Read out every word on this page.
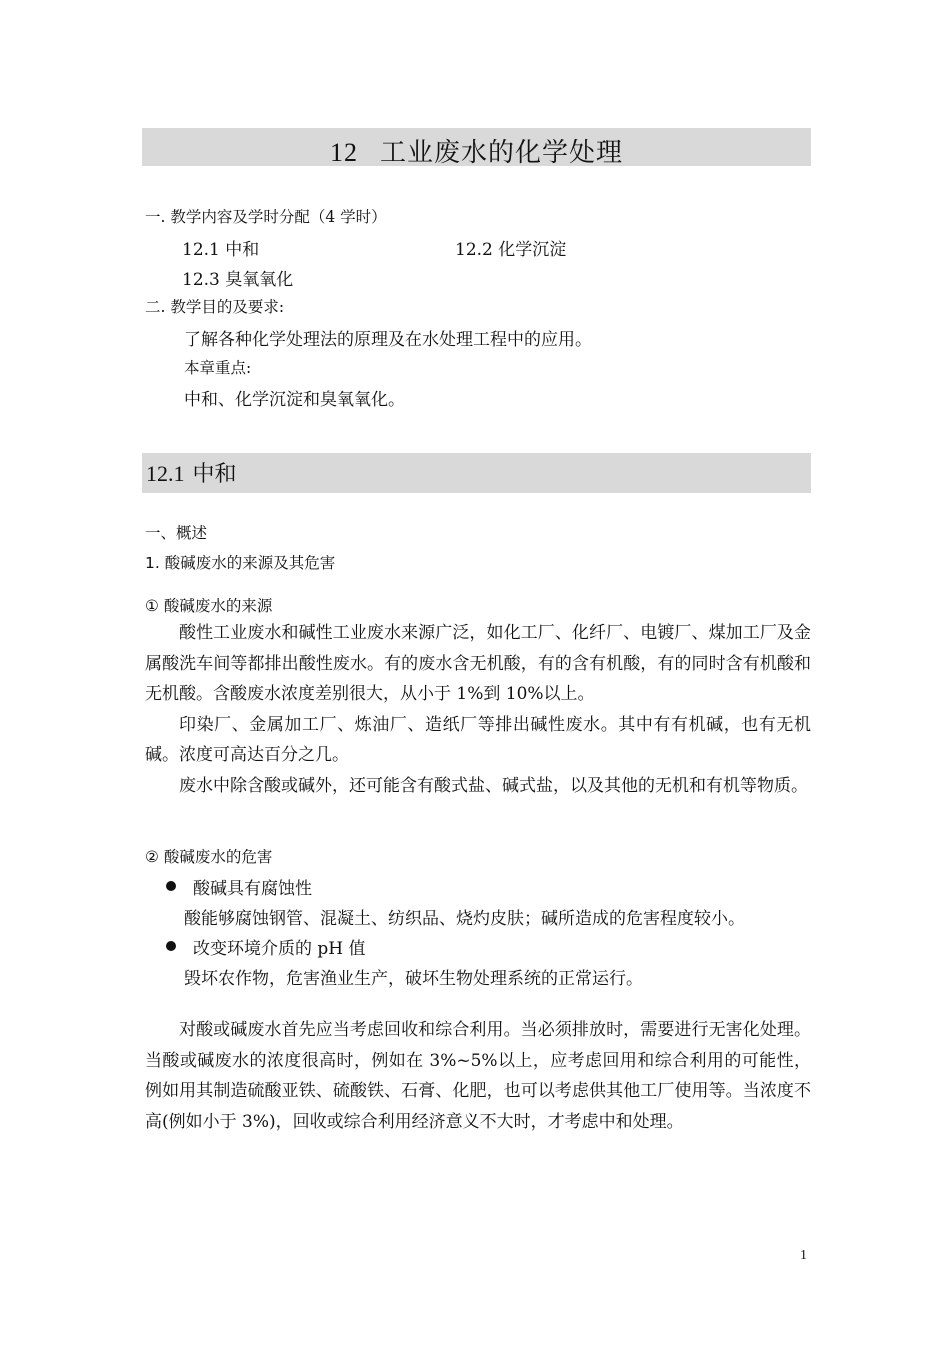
12 工业废水的化学处理
一. 教学内容及学时分配（4 学时）
12.1 中和	12.2 化学沉淀
12.3 臭氧氧化
二. 教学目的及要求:
了解各种化学处理法的原理及在水处理工程中的应用。
本章重点:
中和、化学沉淀和臭氧氧化。
12.1 中和
一、概述
1. 酸碱废水的来源及其危害
① 酸碱废水的来源

酸性工业废水和碱性工业废水来源广泛，如化工厂、化纤厂、电镀厂、煤加工厂及金属酸洗车间等都排出酸性废水。有的废水含无机酸，有的含有机酸，有的同时含有机酸和无机酸。含酸废水浓度差别很大，从小于 1%到 10%以上。

印染厂、金属加工厂、炼油厂、造纸厂等排出碱性废水。其中有有机碱，也有无机碱。浓度可高达百分之几。

废水中除含酸或碱外，还可能含有酸式盐、碱式盐，以及其他的无机和有机等物质。

② 酸碱废水的危害
酸碱具有腐蚀性
酸能够腐蚀钢管、混凝土、纺织品、烧灼皮肤；碱所造成的危害程度较小。
改变环境介质的 pH 值
毁坏农作物，危害渔业生产，破坏生物处理系统的正常运行。

对酸或碱废水首先应当考虑回收和综合利用。当必须排放时，需要进行无害化处理。当酸或碱废水的浓度很高时，例如在 3%~5%以上，应考虑回用和综合利用的可能性，例如用其制造硫酸亚铁、硫酸铁、石膏、化肥，也可以考虑供其他工厂使用等。当浓度不高(例如小于 3%)，回收或综合利用经济意义不大时，才考虑中和处理。

1
